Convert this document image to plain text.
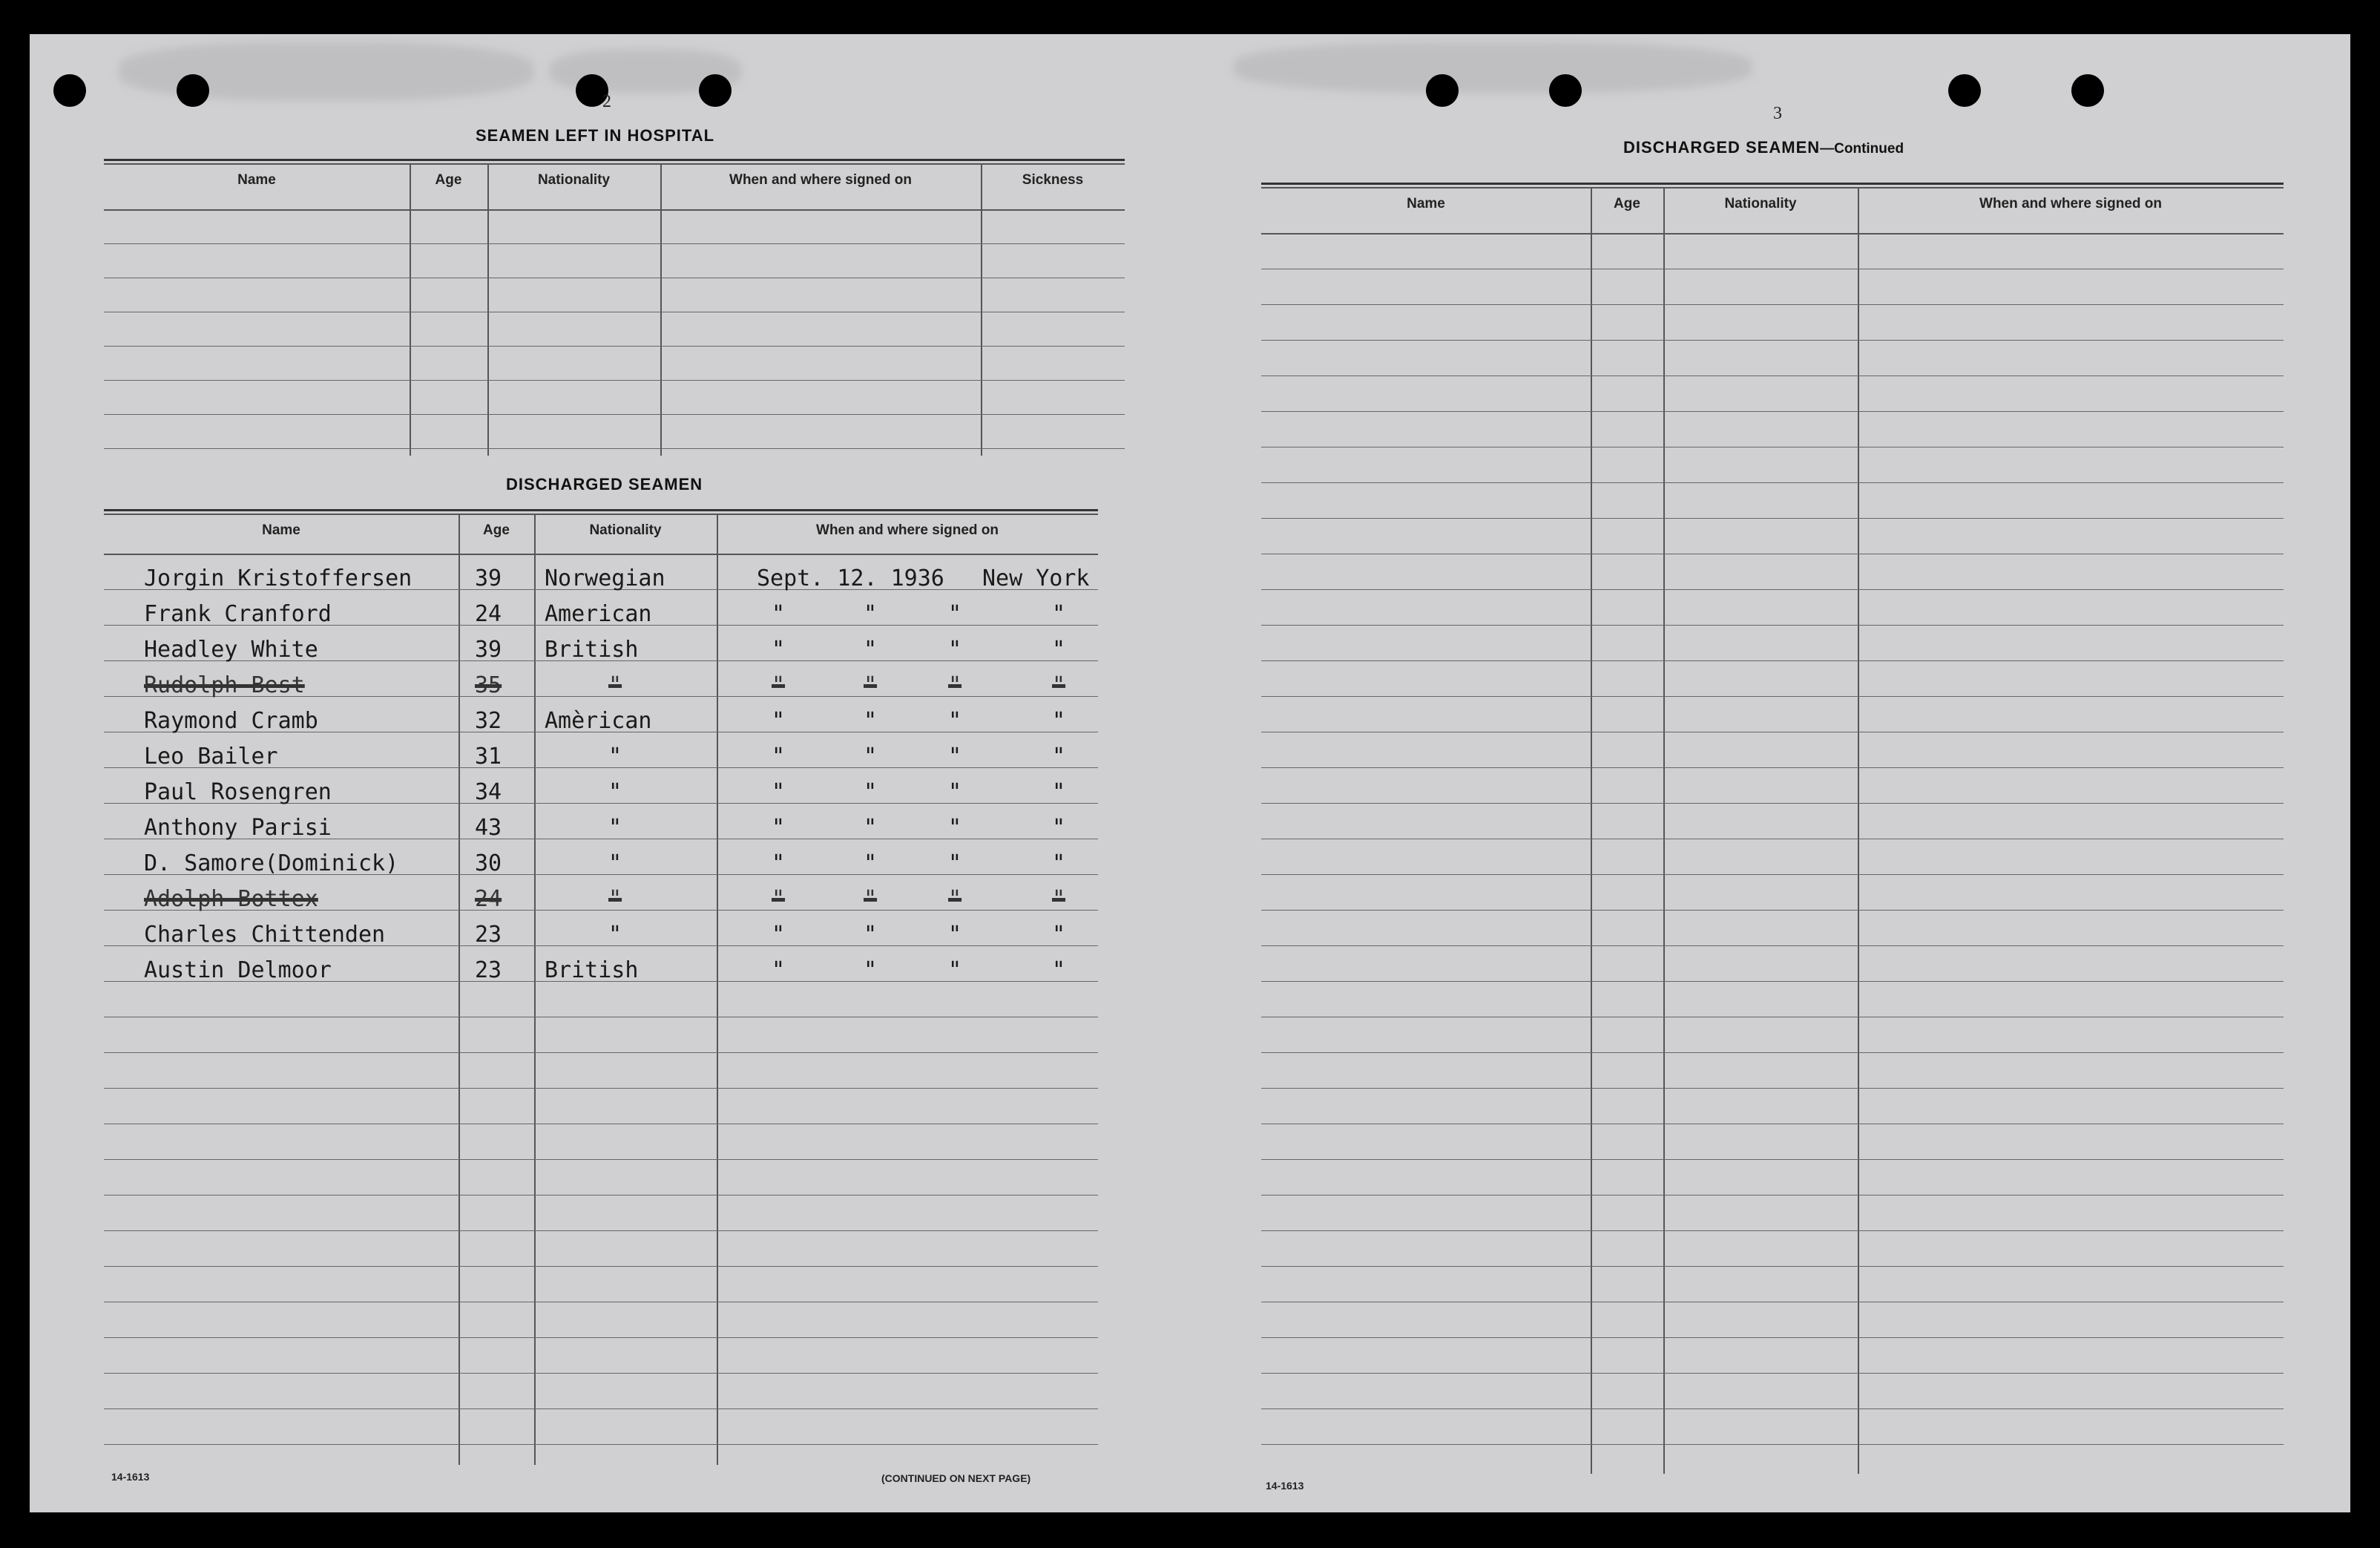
2
SEAMEN LEFT IN HOSPITAL
Name	Age	Nationality	When and where signed on	Sickness
DISCHARGED SEAMEN
Name	Age	Nationality	When and where signed on
Jorgin Kristoffersen	39 Norwegian	Sept. 12. 1936 New York
Frank Cranford	24 American	"	"	"	"
Headley White	39 British	"	"	"	"
Rudolph Best	35	"	"	"	"	"
Raymond Cramb	32 Amèrican	"	"	"	"
Leo Bailer	31	"	"	"	"	"
Paul Rosengren	34	"	"	"	"	"
Anthony Parisi	43	"	"	"	"	"
D. Samore(Dominick)	30	"	"	"	"	"
Adolph Bottex	24	"	"	"	"	"
Charles Chittenden	23	"	"	"	"	"
Austin Delmoor	23 British	"	"	"	"
14-1613	(CONTINUED ON NEXT PAGE)
3
DISCHARGED SEAMEN—Continued
Name	Age	Nationality	When and where signed on
14-1613
